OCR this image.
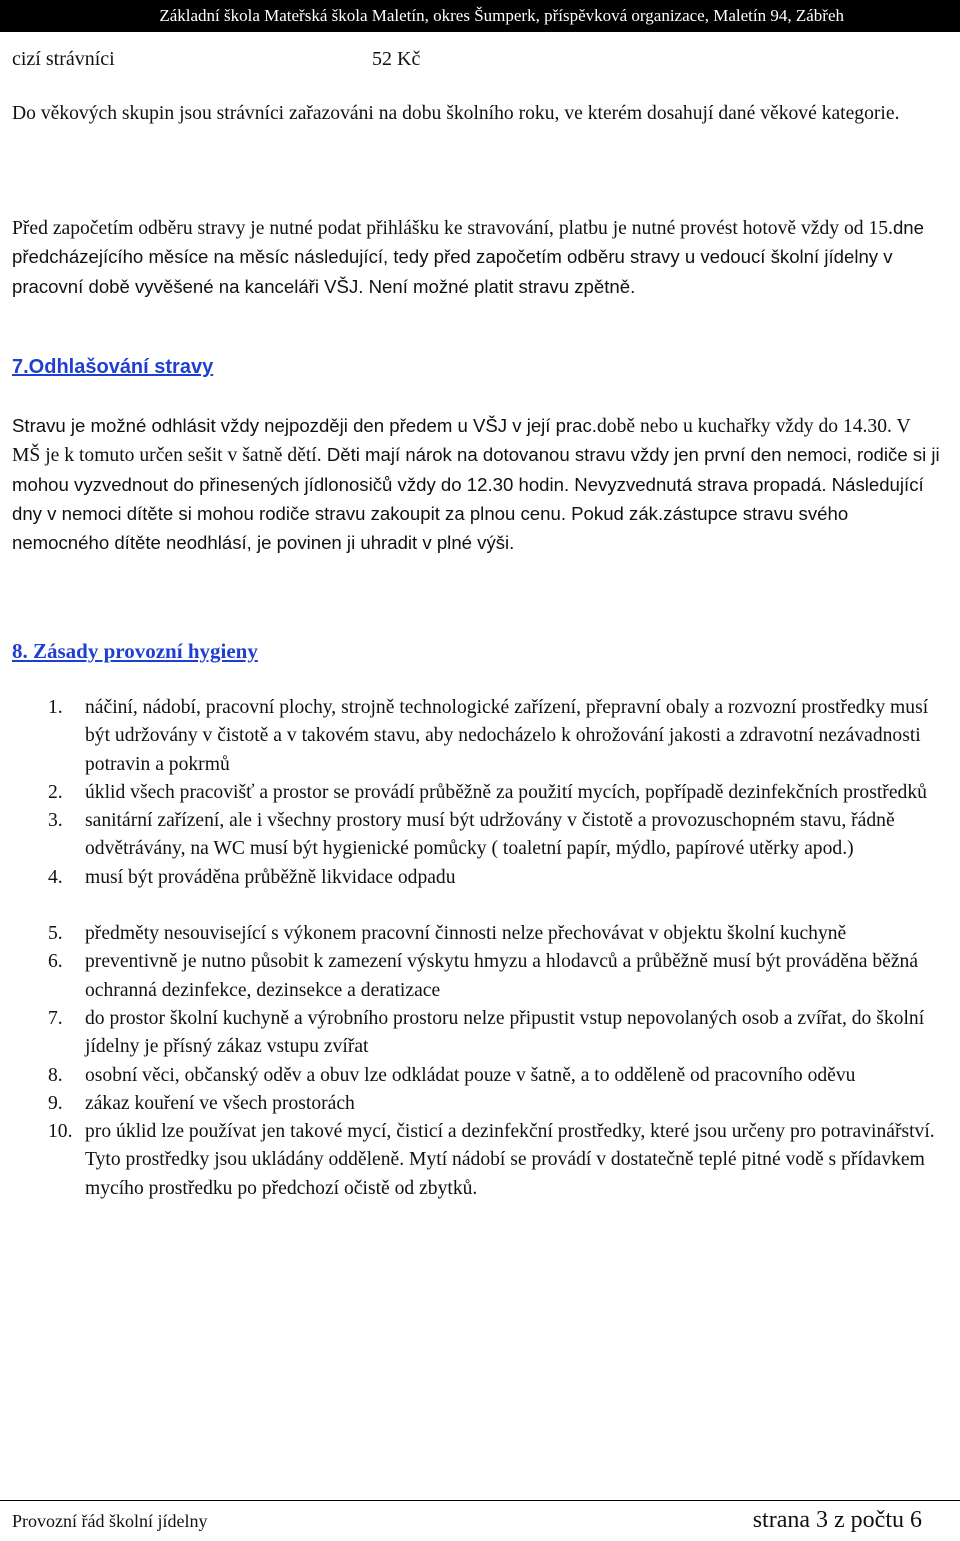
Základní škola Mateřská škola Maletín, okres Šumperk, příspěvková organizace, Maletín 94, Zábřeh
cizí strávníci	52 Kč

Do věkových skupin jsou strávníci zařazováni na dobu školního roku, ve kterém dosahují dané věkové kategorie.

Před započetím odběru stravy je nutné podat přihlášku ke stravování, platbu je nutné provést hotově vždy od 15.dne předcházejícího měsíce na měsíc následující, tedy před započetím odběru stravy u vedoucí školní jídelny v pracovní době vyvěšené na kanceláři VŠJ. Není možné platit stravu zpětně.

7.Odhlašování stravy

Stravu je možné odhlásit vždy nejpozději den předem u VŠJ v její prac.době nebo u kuchařky vždy do 14.30. V MŠ je k tomuto určen sešit v šatně dětí. Děti mají nárok na dotovanou stravu vždy jen první den nemoci, rodiče si ji mohou vyzvednout do přinesených jídlonosičů vždy do 12.30 hodin. Nevyzvednutá strava propadá. Následující dny v nemoci dítěte si mohou rodiče stravu zakoupit za plnou cenu. Pokud zák.zástupce stravu svého nemocného dítěte neodhlásí, je povinen ji uhradit v plné výši.

8. Zásady provozní hygieny
1. náčiní, nádobí, pracovní plochy, strojně technologické zařízení, přepravní obaly a rozvozní prostředky musí být udržovány v čistotě a v takovém stavu, aby nedocházelo k ohrožování jakosti a zdravotní nezávadnosti potravin a pokrmů
2. úklid všech pracovišť a prostor se provádí průběžně za použití mycích, popřípadě dezinfekčních prostředků
3. sanitární zařízení, ale i všechny prostory musí být udržovány v čistotě a provozuschopném stavu, řádně odvětrávány, na WC musí být hygienické pomůcky ( toaletní papír, mýdlo, papírové utěrky apod.)
4. musí být prováděna průběžně likvidace odpadu
5. předměty nesouvisející s výkonem pracovní činnosti nelze přechovávat v objektu školní kuchyně
6. preventivně je nutno působit k zamezení výskytu hmyzu a hlodavců a průběžně musí být prováděna běžná ochranná dezinfekce, dezinsekce a deratizace
7. do prostor školní kuchyně a výrobního prostoru nelze připustit vstup nepovolaných osob a zvířat, do školní jídelny je přísný zákaz vstupu zvířat
8. osobní věci, občanský oděv a obuv lze odkládat pouze v šatně, a to odděleně od pracovního oděvu
9. zákaz kouření ve všech prostorách
10. pro úklid lze používat jen takové mycí, čisticí a dezinfekční prostředky, které jsou určeny pro potravinářství. Tyto prostředky jsou ukládány odděleně. Mytí nádobí se provádí v dostatečně teplé pitné vodě s přídavkem mycího prostředku po předchozí očistě od zbytků.
Provozní řád školní jídelny	strana 3 z počtu 6
